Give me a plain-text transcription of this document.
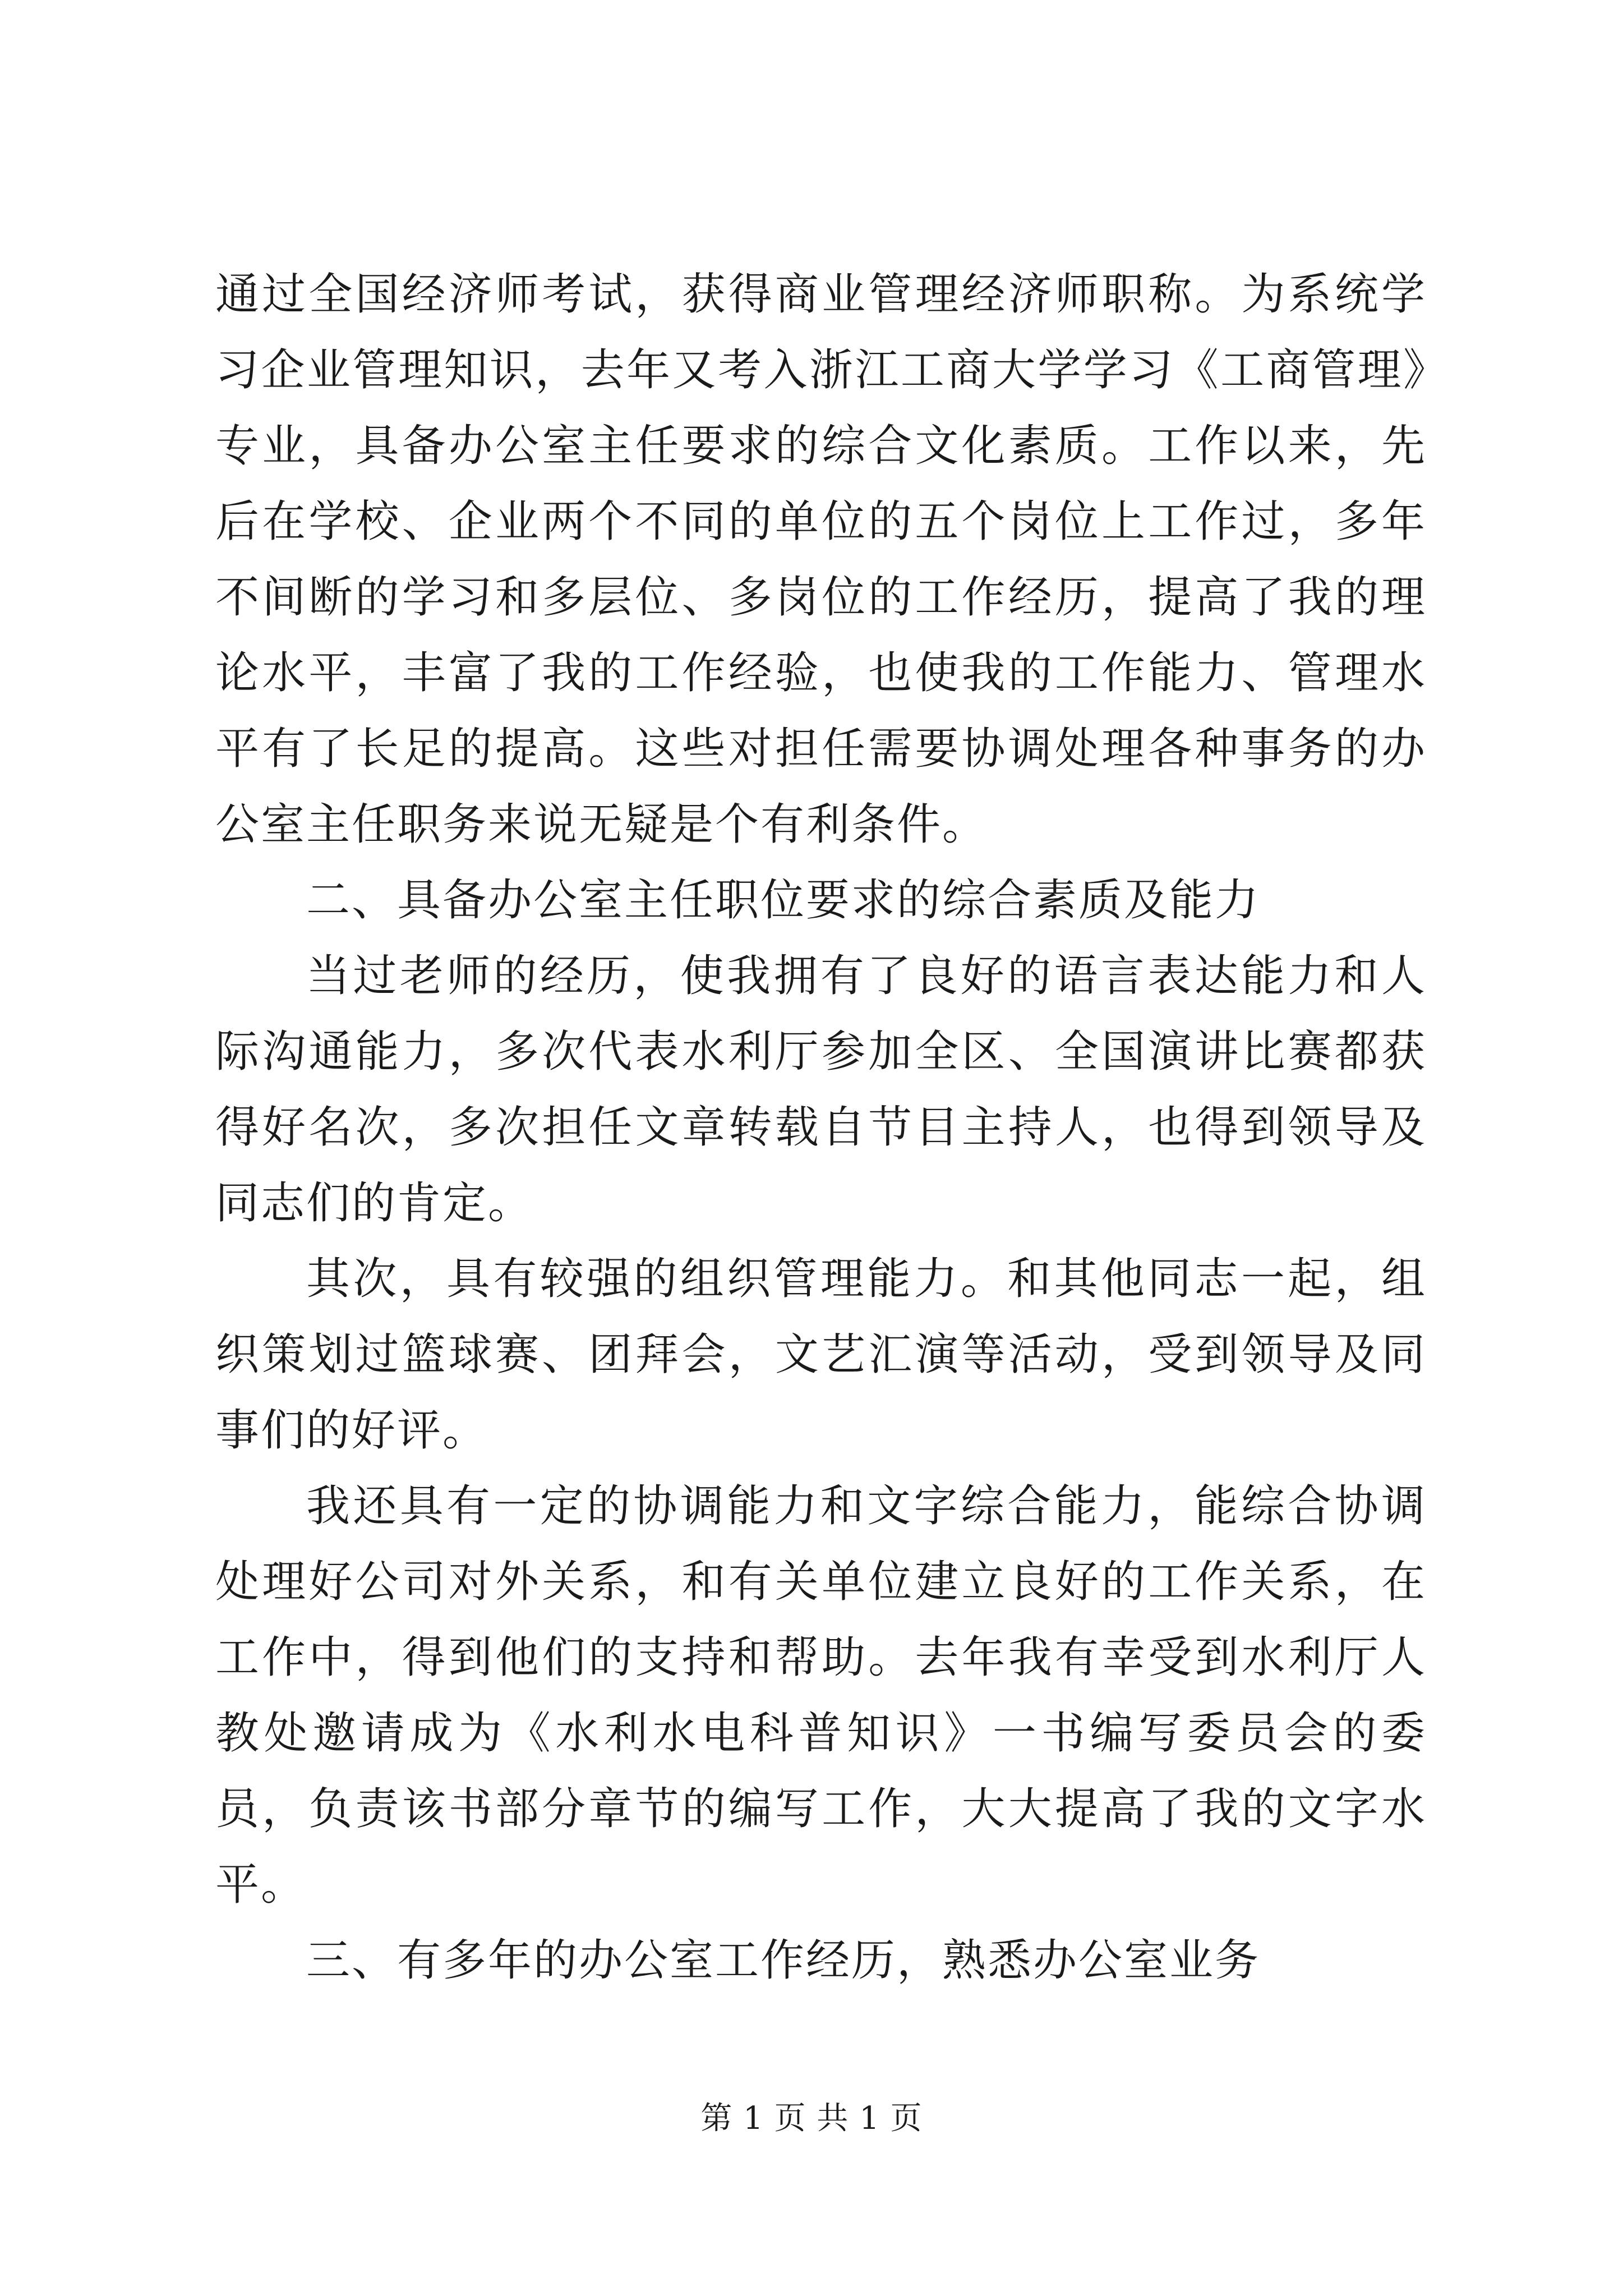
通过全国经济师考试，获得商业管理经济师职称。为系统学习企业管理知识，去年又考入浙江工商大学学习《工商管理》专业，具备办公室主任要求的综合文化素质。工作以来，先后在学校、企业两个不同的单位的五个岗位上工作过，多年不间断的学习和多层位、多岗位的工作经历，提高了我的理论水平，丰富了我的工作经验，也使我的工作能力、管理水平有了长足的提高。这些对担任需要协调处理各种事务的办公室主任职务来说无疑是个有利条件。

二、具备办公室主任职位要求的综合素质及能力

当过老师的经历，使我拥有了良好的语言表达能力和人际沟通能力，多次代表水利厅参加全区、全国演讲比赛都获得好名次，多次担任文章转载自节目主持人，也得到领导及同志们的肯定。

其次，具有较强的组织管理能力。和其他同志一起，组织策划过篮球赛、团拜会，文艺汇演等活动，受到领导及同事们的好评。

我还具有一定的协调能力和文字综合能力，能综合协调处理好公司对外关系，和有关单位建立良好的工作关系，在工作中，得到他们的支持和帮助。去年我有幸受到水利厅人教处邀请成为《水利水电科普知识》一书编写委员会的委员，负责该书部分章节的编写工作，大大提高了我的文字水平。

三、有多年的办公室工作经历，熟悉办公室业务

第 1 页 共 1 页
